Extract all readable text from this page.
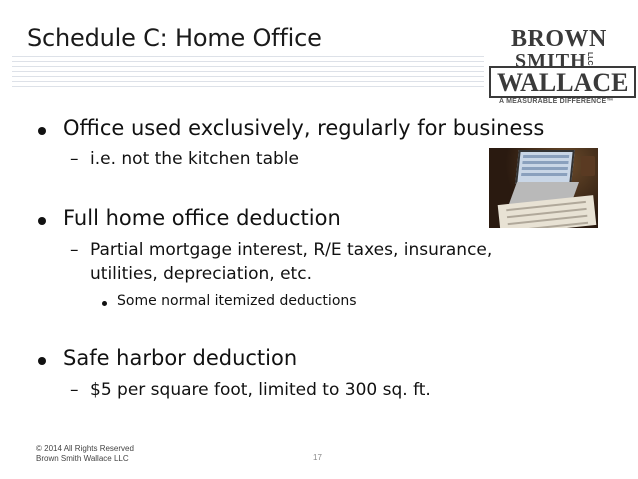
Schedule C: Home Office	BROWN
SMITH
WALLACE
LLC
A MEASURABLE DIFFERENCE™
Office used exclusively, regularly for business
– i.e. not the kitchen table
Full home office deduction
– Partial mortgage interest, R/E taxes, insurance,
utilities, depreciation, etc.
Some normal itemized deductions
Safe harbor deduction
– $5 per square foot, limited to 300 sq. ft.
© 2014 All Rights Reserved
Brown Smith Wallace LLC	17
